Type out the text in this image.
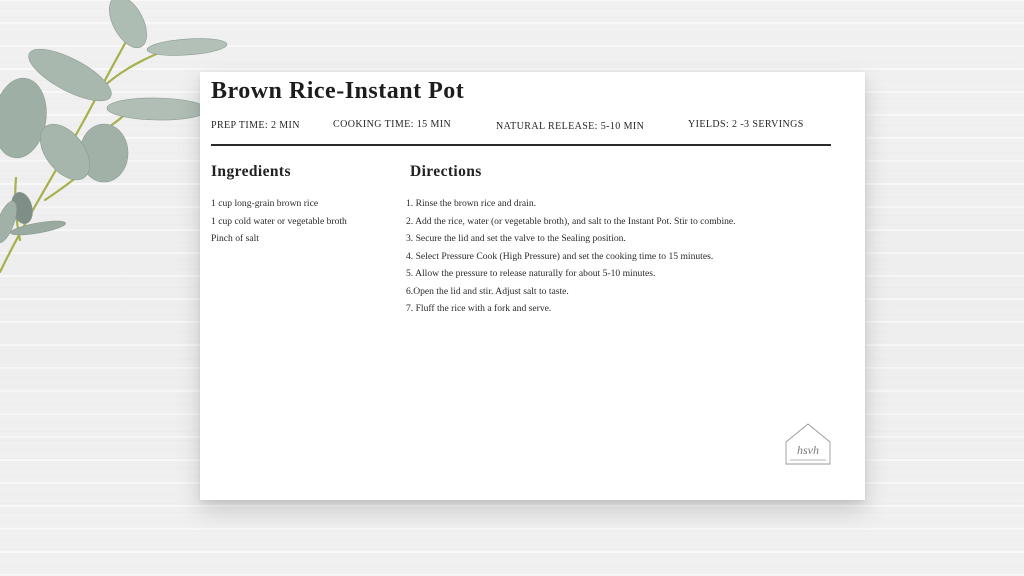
Brown Rice-Instant Pot
PREP TIME: 2 MIN	COOKING TIME: 15 MIN	NATURAL RELEASE: 5-10 MIN	YIELDS: 2 -3 SERVINGS
Ingredients	Directions
1 cup long-grain brown rice
1 cup cold water or vegetable broth
Pinch of salt
1. Rinse the brown rice and drain.
2. Add the rice, water (or vegetable broth), and salt to the Instant Pot. Stir to combine.
3. Secure the lid and set the valve to the Sealing position.
4. Select Pressure Cook (High Pressure) and set the cooking time to 15 minutes.
5. Allow the pressure to release naturally for about 5-10 minutes.
6.Open the lid and stir. Adjust salt to taste.
7. Fluff the rice with a fork and serve.
hsvh
